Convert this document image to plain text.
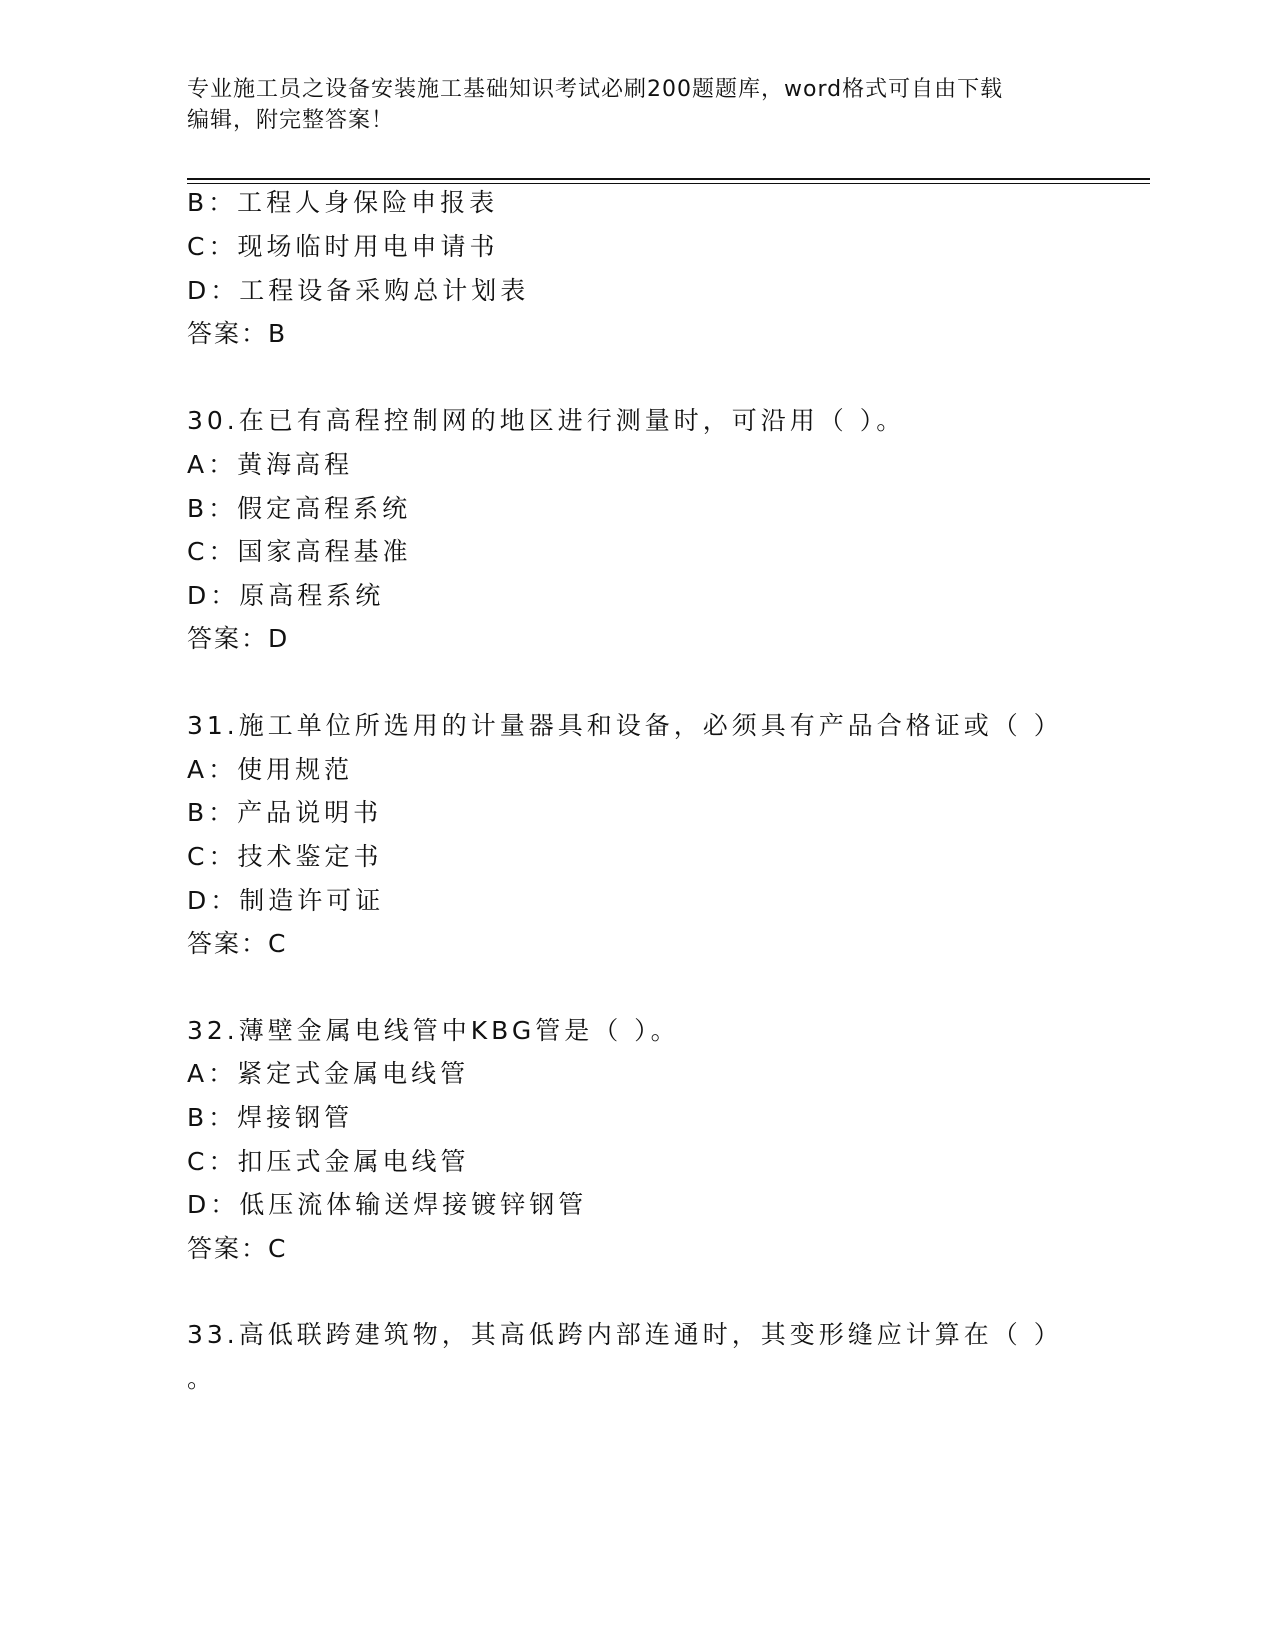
专业施工员之设备安装施工基础知识考试必刷200题题库，word格式可自由下载
编辑，附完整答案！
B：工程人身保险申报表
C：现场临时用电申请书
D：工程设备采购总计划表
答案：B
30.在已有高程控制网的地区进行测量时，可沿用（ ）。
A：黄海高程
B：假定高程系统
C：国家高程基准
D：原高程系统
答案：D
31.施工单位所选用的计量器具和设备，必须具有产品合格证或（ ）
A：使用规范
B：产品说明书
C：技术鉴定书
D：制造许可证
答案：C
32.薄壁金属电线管中KBG管是（ ）。
A：紧定式金属电线管
B：焊接钢管
C：扣压式金属电线管
D：低压流体输送焊接镀锌钢管
答案：C
33.高低联跨建筑物，其高低跨内部连通时，其变形缝应计算在（ ）
。
